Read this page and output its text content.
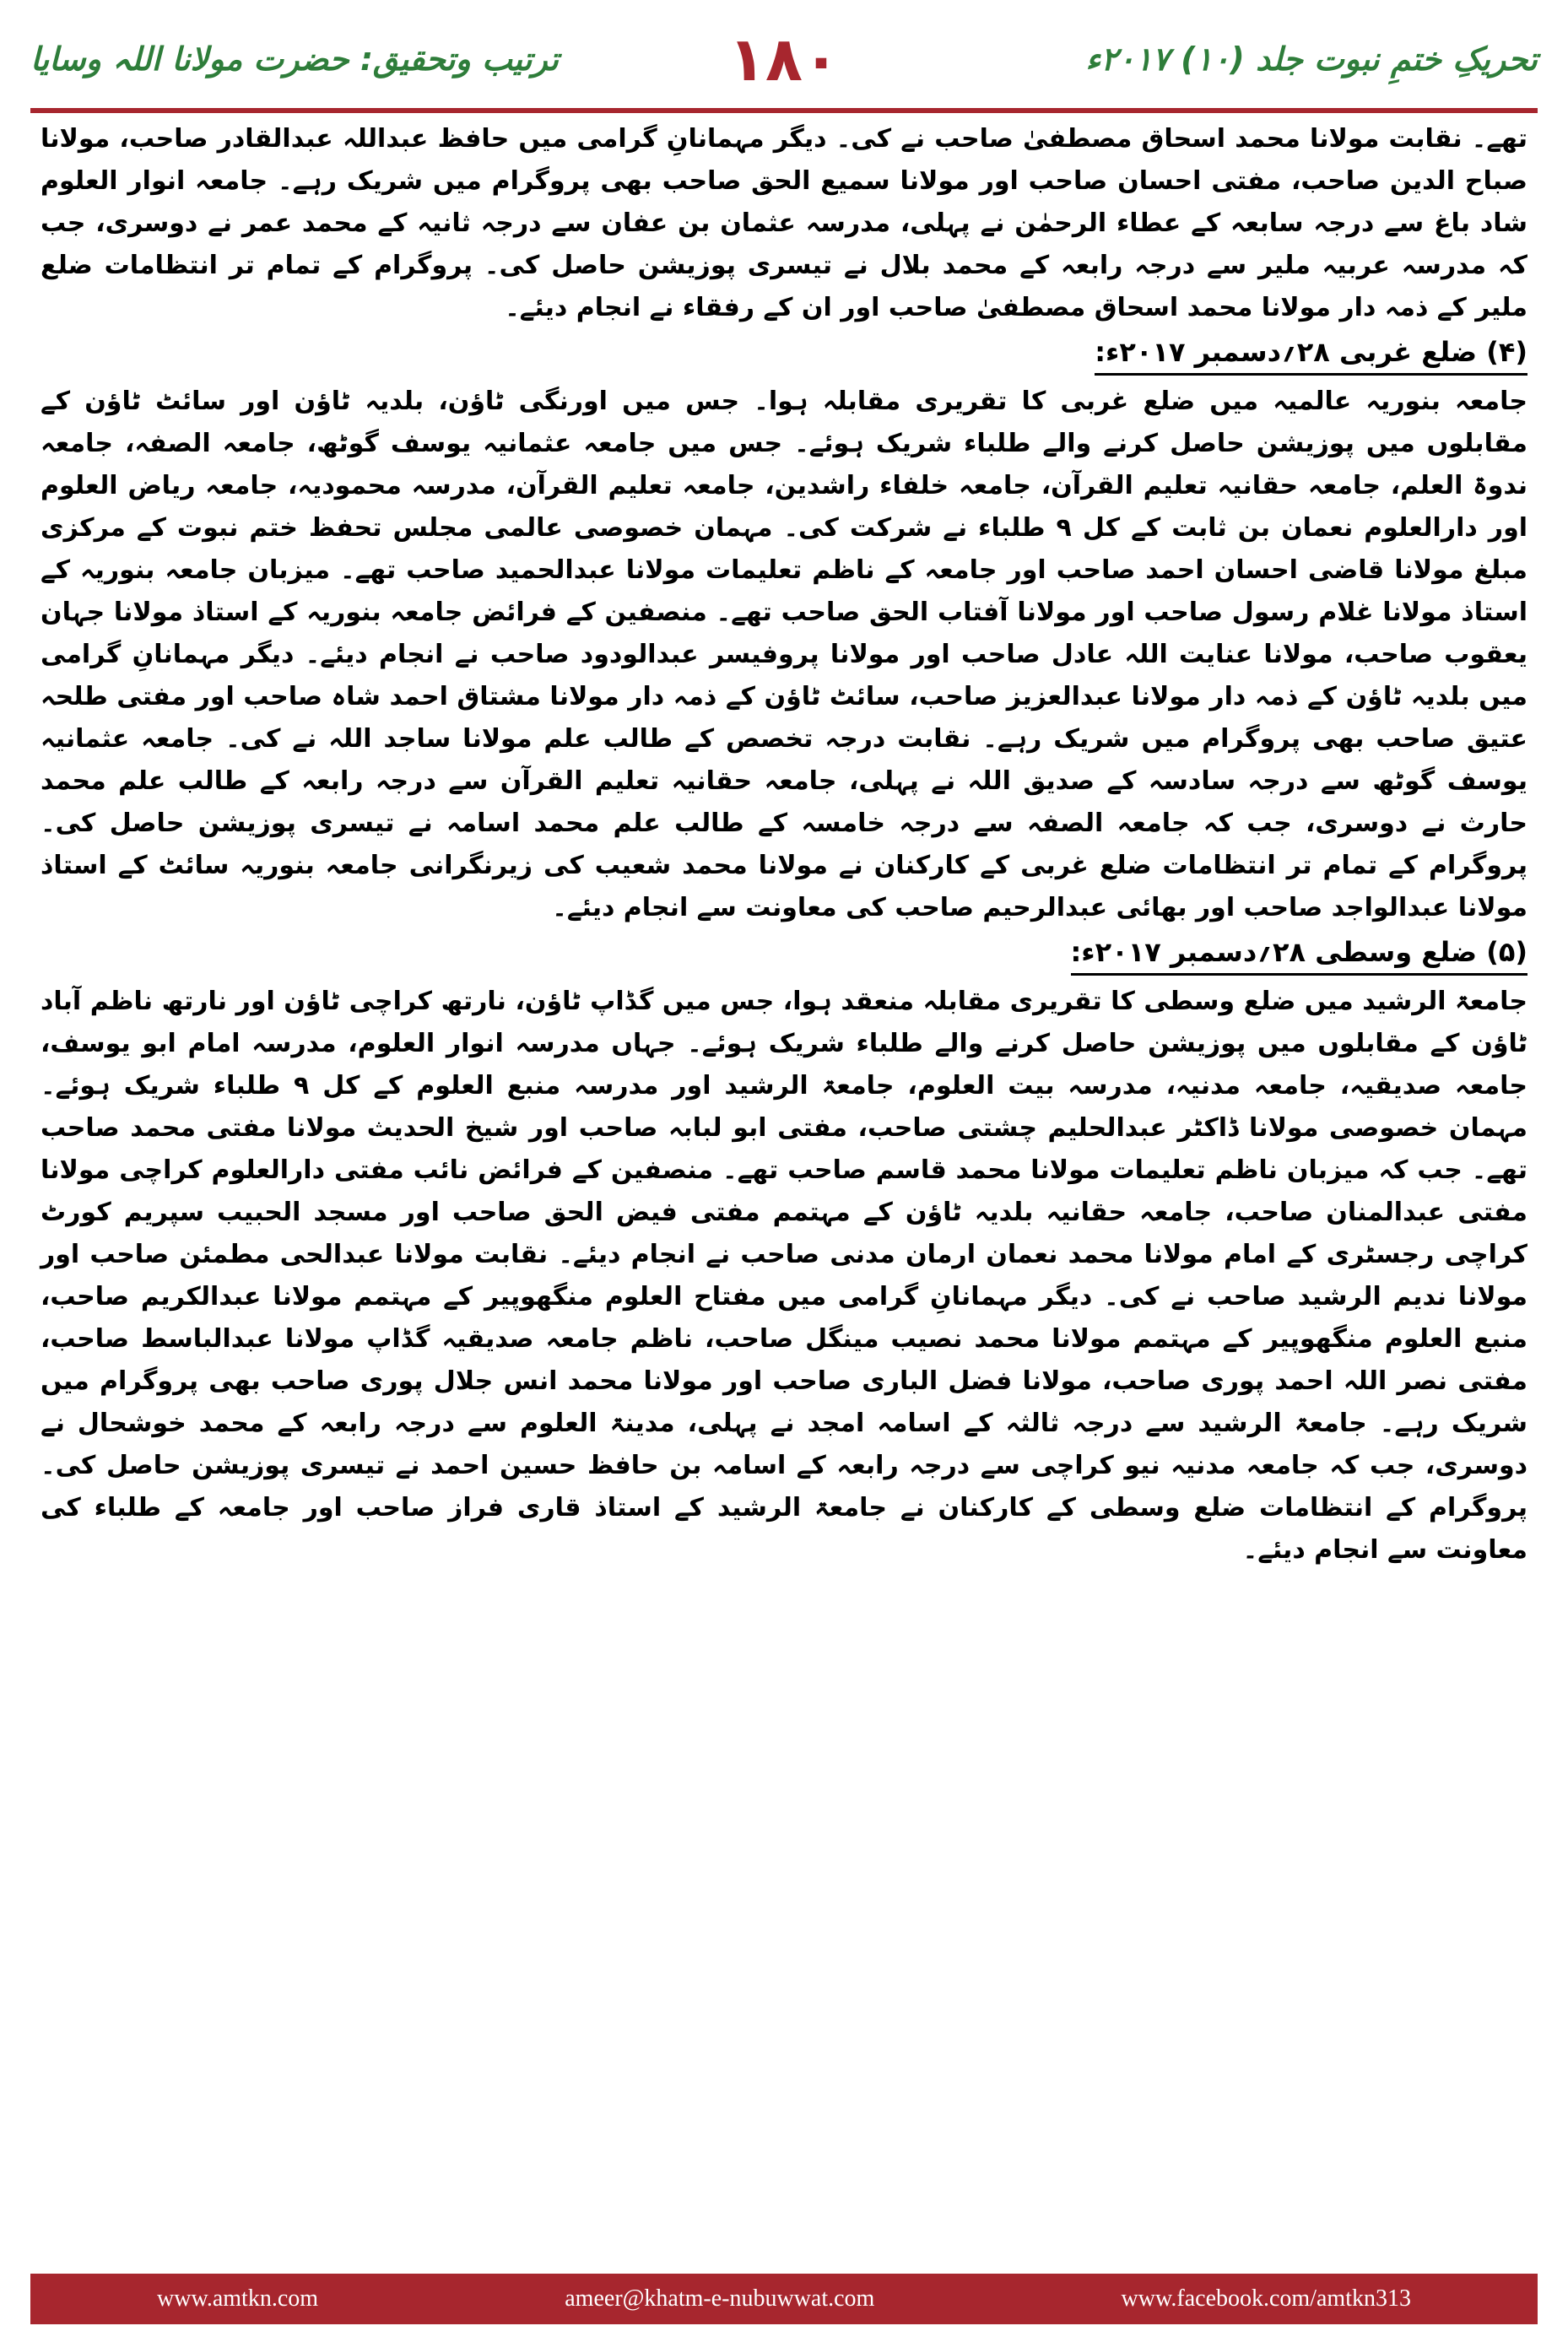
تحریکِ ختمِ نبوت جلد (۱۰) ۲۰۱۷ء
۱۸۰
ترتیب وتحقیق: حضرت مولانا اللہ وسایا

تھے۔ نقابت مولانا محمد اسحاق مصطفیٰ صاحب نے کی۔ دیگر مہمانانِ گرامی میں حافظ عبداللہ عبدالقادر صاحب، مولانا صباح الدین صاحب، مفتی احسان صاحب اور مولانا سمیع الحق صاحب بھی پروگرام میں شریک رہے۔ جامعہ انوار العلوم شاد باغ سے درجہ سابعہ کے عطاء الرحمٰن نے پہلی، مدرسہ عثمان بن عفان سے درجہ ثانیہ کے محمد عمر نے دوسری، جب کہ مدرسہ عربیہ ملیر سے درجہ رابعہ کے محمد بلال نے تیسری پوزیشن حاصل کی۔ پروگرام کے تمام تر انتظامات ضلع ملیر کے ذمہ دار مولانا محمد اسحاق مصطفیٰ صاحب اور ان کے رفقاء نے انجام دیئے۔

(۴) ضلع غربی ۲۸؍دسمبر ۲۰۱۷ء:

جامعہ بنوریہ عالمیہ میں ضلع غربی کا تقریری مقابلہ ہوا۔ جس میں اورنگی ٹاؤن، بلدیہ ٹاؤن اور سائٹ ٹاؤن کے مقابلوں میں پوزیشن حاصل کرنے والے طلباء شریک ہوئے۔ جس میں جامعہ عثمانیہ یوسف گوٹھ، جامعہ الصفہ، جامعہ ندوۃ العلم، جامعہ حقانیہ تعلیم القرآن، جامعہ خلفاء راشدین، جامعہ تعلیم القرآن، مدرسہ محمودیہ، جامعہ ریاض العلوم اور دارالعلوم نعمان بن ثابت کے کل ۹ طلباء نے شرکت کی۔ مہمان خصوصی عالمی مجلس تحفظ ختم نبوت کے مرکزی مبلغ مولانا قاضی احسان احمد صاحب اور جامعہ کے ناظم تعلیمات مولانا عبدالحمید صاحب تھے۔ میزبان جامعہ بنوریہ کے استاذ مولانا غلام رسول صاحب اور مولانا آفتاب الحق صاحب تھے۔ منصفین کے فرائض جامعہ بنوریہ کے استاذ مولانا جہان یعقوب صاحب، مولانا عنایت اللہ عادل صاحب اور مولانا پروفیسر عبدالودود صاحب نے انجام دیئے۔ دیگر مہمانانِ گرامی میں بلدیہ ٹاؤن کے ذمہ دار مولانا عبدالعزیز صاحب، سائٹ ٹاؤن کے ذمہ دار مولانا مشتاق احمد شاہ صاحب اور مفتی طلحہ عتیق صاحب بھی پروگرام میں شریک رہے۔ نقابت درجہ تخصص کے طالب علم مولانا ساجد اللہ نے کی۔ جامعہ عثمانیہ یوسف گوٹھ سے درجہ سادسہ کے صدیق اللہ نے پہلی، جامعہ حقانیہ تعلیم القرآن سے درجہ رابعہ کے طالب علم محمد حارث نے دوسری، جب کہ جامعہ الصفہ سے درجہ خامسہ کے طالب علم محمد اسامہ نے تیسری پوزیشن حاصل کی۔ پروگرام کے تمام تر انتظامات ضلع غربی کے کارکنان نے مولانا محمد شعیب کی زیرنگرانی جامعہ بنوریہ سائٹ کے استاذ مولانا عبدالواجد صاحب اور بھائی عبدالرحیم صاحب کی معاونت سے انجام دیئے۔

(۵) ضلع وسطی ۲۸؍دسمبر ۲۰۱۷ء:

جامعۃ الرشید میں ضلع وسطی کا تقریری مقابلہ منعقد ہوا، جس میں گڈاپ ٹاؤن، نارتھ کراچی ٹاؤن اور نارتھ ناظم آباد ٹاؤن کے مقابلوں میں پوزیشن حاصل کرنے والے طلباء شریک ہوئے۔ جہاں مدرسہ انوار العلوم، مدرسہ امام ابو یوسف، جامعہ صدیقیہ، جامعہ مدنیہ، مدرسہ بیت العلوم، جامعۃ الرشید اور مدرسہ منبع العلوم کے کل ۹ طلباء شریک ہوئے۔ مہمان خصوصی مولانا ڈاکٹر عبدالحلیم چشتی صاحب، مفتی ابو لبابہ صاحب اور شیخ الحدیث مولانا مفتی محمد صاحب تھے۔ جب کہ میزبان ناظم تعلیمات مولانا محمد قاسم صاحب تھے۔ منصفین کے فرائض نائب مفتی دارالعلوم کراچی مولانا مفتی عبدالمنان صاحب، جامعہ حقانیہ بلدیہ ٹاؤن کے مہتمم مفتی فیض الحق صاحب اور مسجد الحبیب سپریم کورٹ کراچی رجسٹری کے امام مولانا محمد نعمان ارمان مدنی صاحب نے انجام دیئے۔ نقابت مولانا عبدالحی مطمئن صاحب اور مولانا ندیم الرشید صاحب نے کی۔ دیگر مہمانانِ گرامی میں مفتاح العلوم منگھوپیر کے مہتمم مولانا عبدالکریم صاحب، منبع العلوم منگھوپیر کے مہتمم مولانا محمد نصیب مینگل صاحب، ناظم جامعہ صدیقیہ گڈاپ مولانا عبدالباسط صاحب، مفتی نصر اللہ احمد پوری صاحب، مولانا فضل الباری صاحب اور مولانا محمد انس جلال پوری صاحب بھی پروگرام میں شریک رہے۔ جامعۃ الرشید سے درجہ ثالثہ کے اسامہ امجد نے پہلی، مدینۃ العلوم سے درجہ رابعہ کے محمد خوشحال نے دوسری، جب کہ جامعہ مدنیہ نیو کراچی سے درجہ رابعہ کے اسامہ بن حافظ حسین احمد نے تیسری پوزیشن حاصل کی۔ پروگرام کے انتظامات ضلع وسطی کے کارکنان نے جامعۃ الرشید کے استاذ قاری فراز صاحب اور جامعہ کے طلباء کی معاونت سے انجام دیئے۔

www.amtkn.com	ameer@khatm-e-nubuwwat.com	www.facebook.com/amtkn313
